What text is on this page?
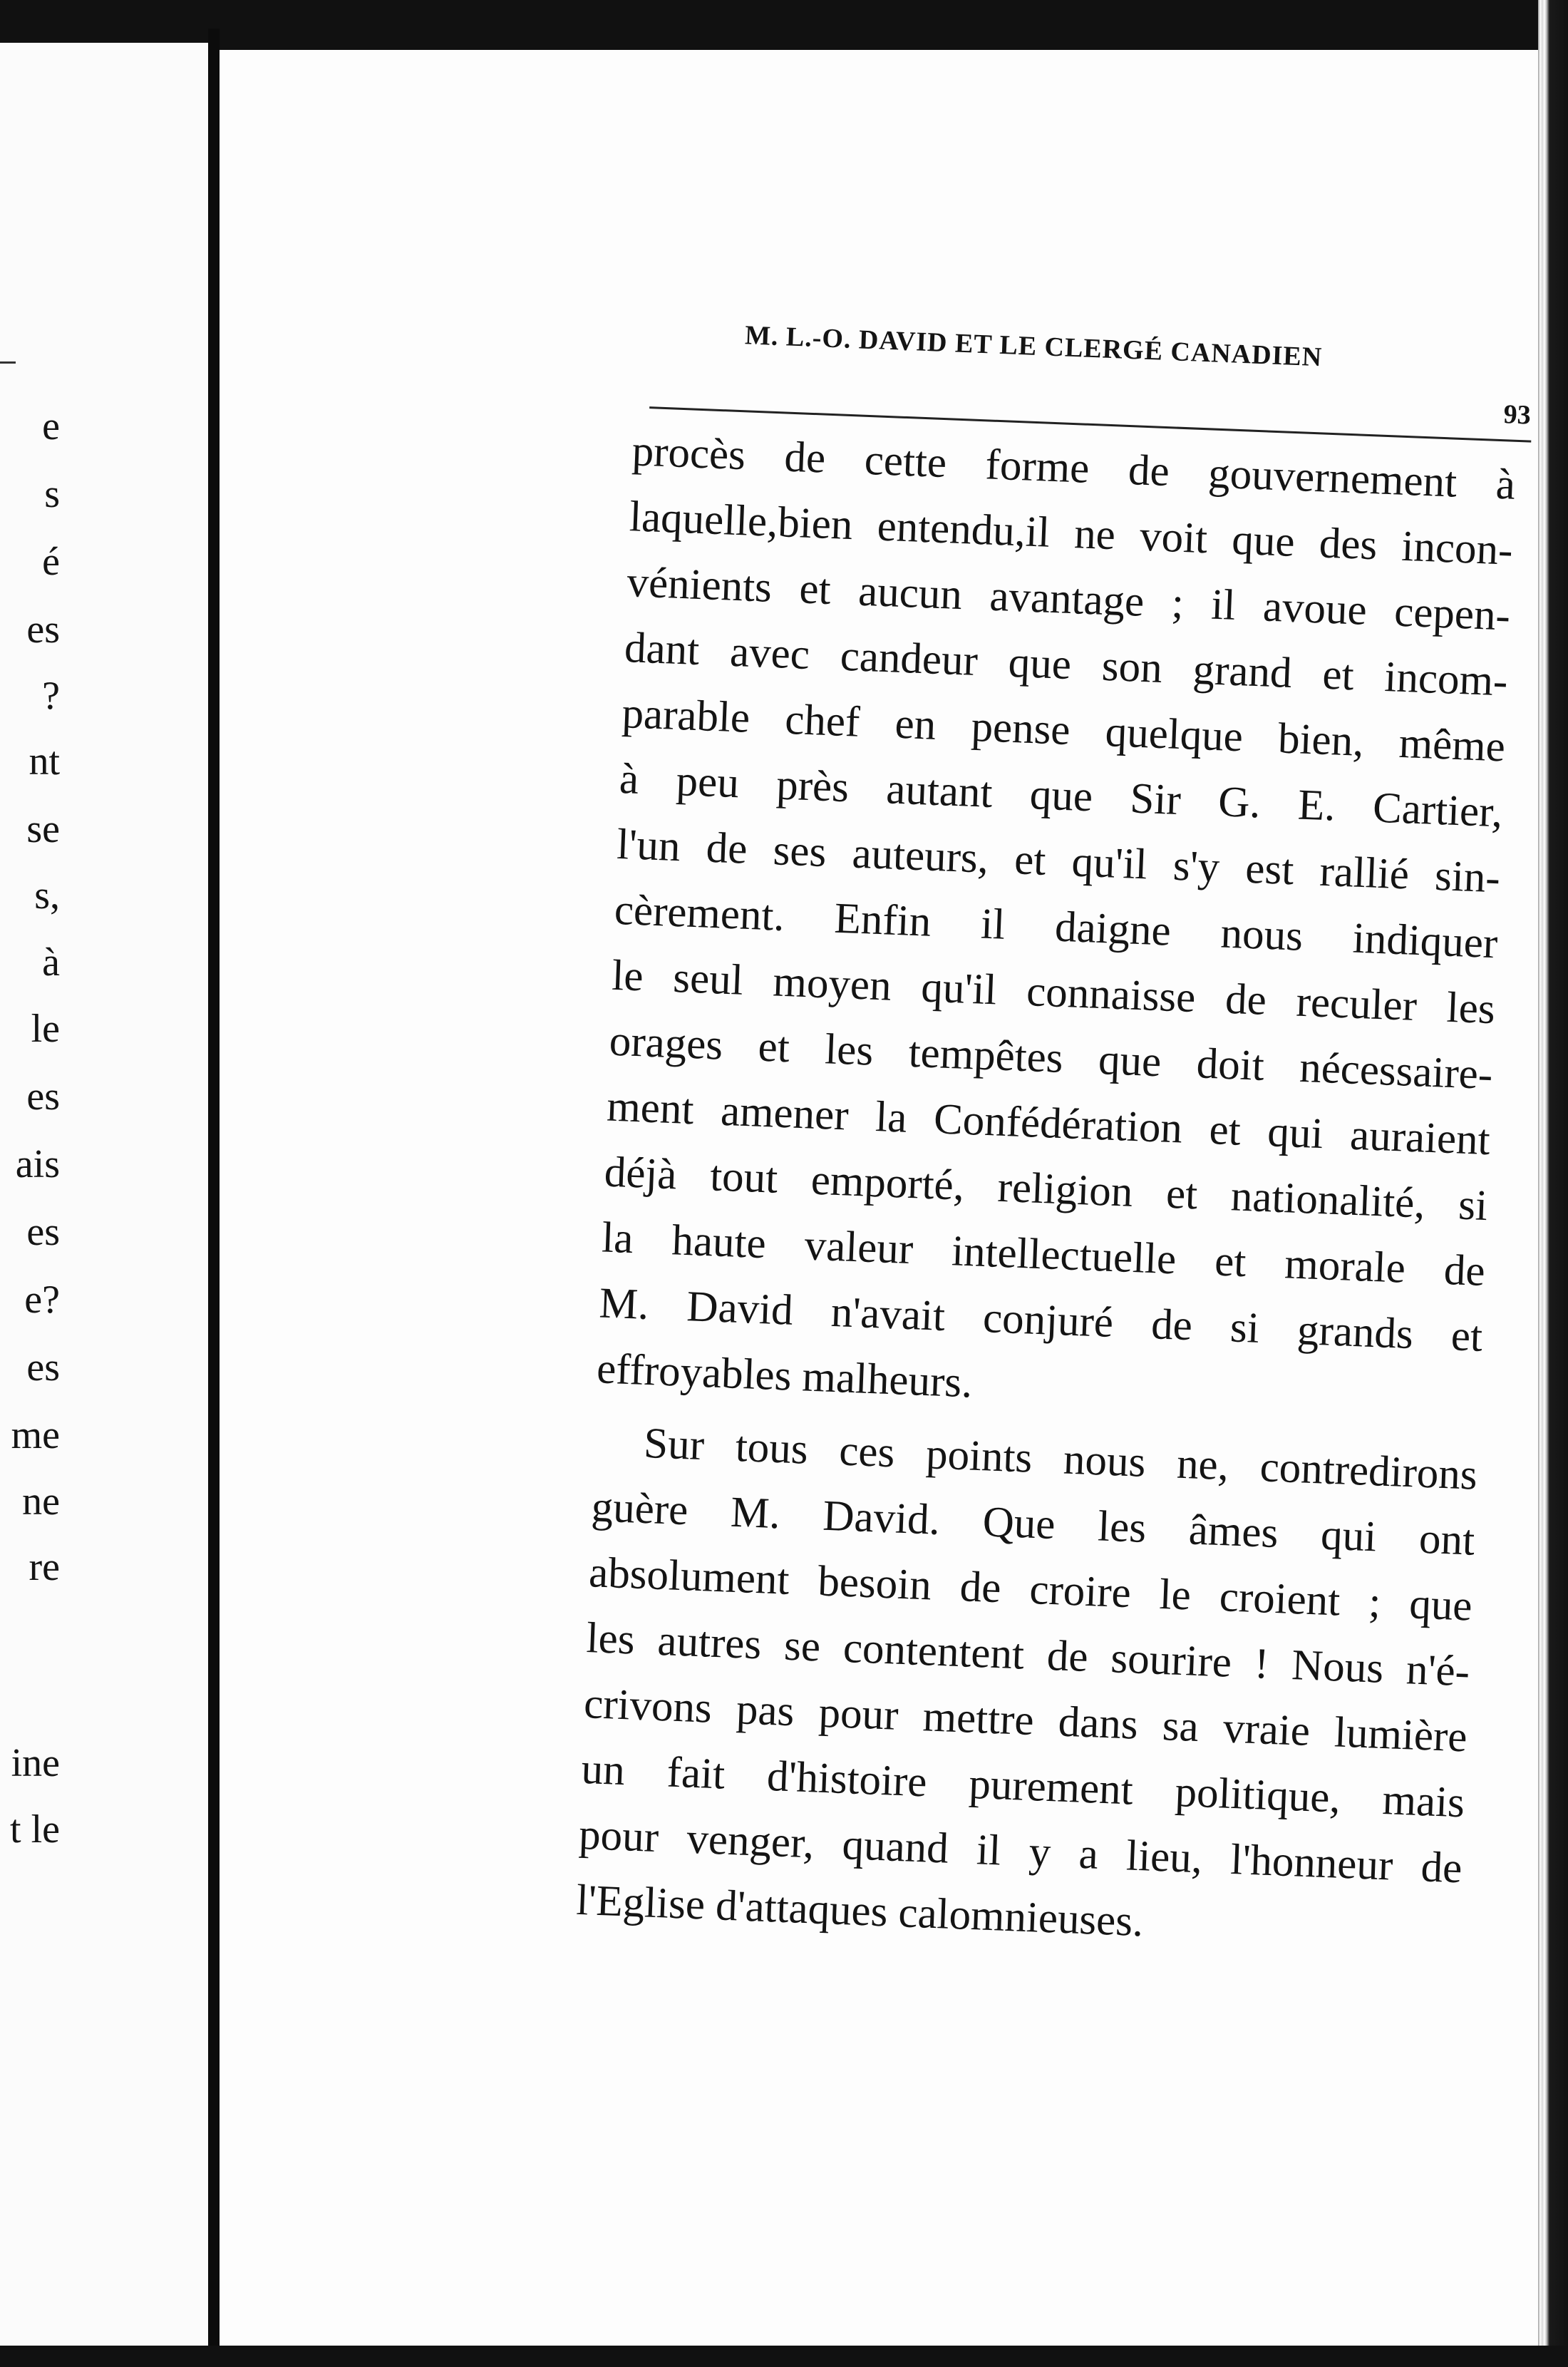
e
s
é
es
?
nt
se
s,
à
le
es
ais
es
e?
es
me
ne
re
ine
t le
M. L.-O. DAVID ET LE CLERGÉ CANADIEN
93
procès de cette forme de gouvernement à
laquelle,bien entendu,il ne voit que des incon-
vénients et aucun avantage ; il avoue cepen-
dant avec candeur que son grand et incom-
parable chef en pense quelque bien, même
à peu près autant que Sir G. E. Cartier,
l'un de ses auteurs, et qu'il s'y est rallié sin-
cèrement. Enfin il daigne nous indiquer
le seul moyen qu'il connaisse de reculer les
orages et les tempêtes que doit nécessaire-
ment amener la Confédération et qui auraient
déjà tout emporté, religion et nationalité, si
la haute valeur intellectuelle et morale de
M. David n'avait conjuré de si grands et
effroyables malheurs.
Sur tous ces points nous ne, contredirons
guère M. David. Que les âmes qui ont
absolument besoin de croire le croient ; que
les autres se contentent de sourire ! Nous n'é-
crivons pas pour mettre dans sa vraie lumière
un fait d'histoire purement politique, mais
pour venger, quand il y a lieu, l'honneur de
l'Eglise d'attaques calomnieuses.
